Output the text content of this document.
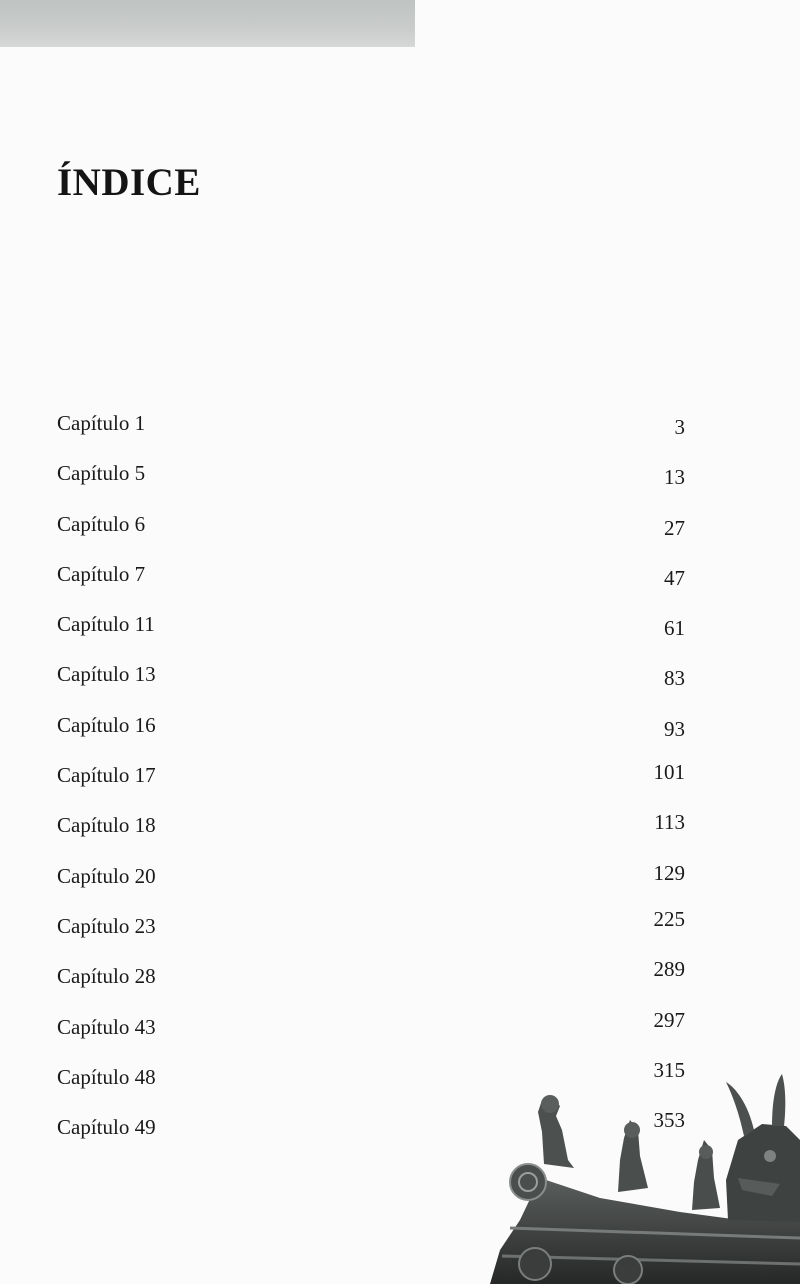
ÍNDICE
Capítulo 1	3
Capítulo 5	13
Capítulo 6	27
Capítulo 7	47
Capítulo 11	61
Capítulo 13	83
Capítulo 16	93
Capítulo 17	101
Capítulo 18	113
Capítulo 20	129
Capítulo 23	225
Capítulo 28	289
Capítulo 43	297
Capítulo 48	315
Capítulo 49	353
